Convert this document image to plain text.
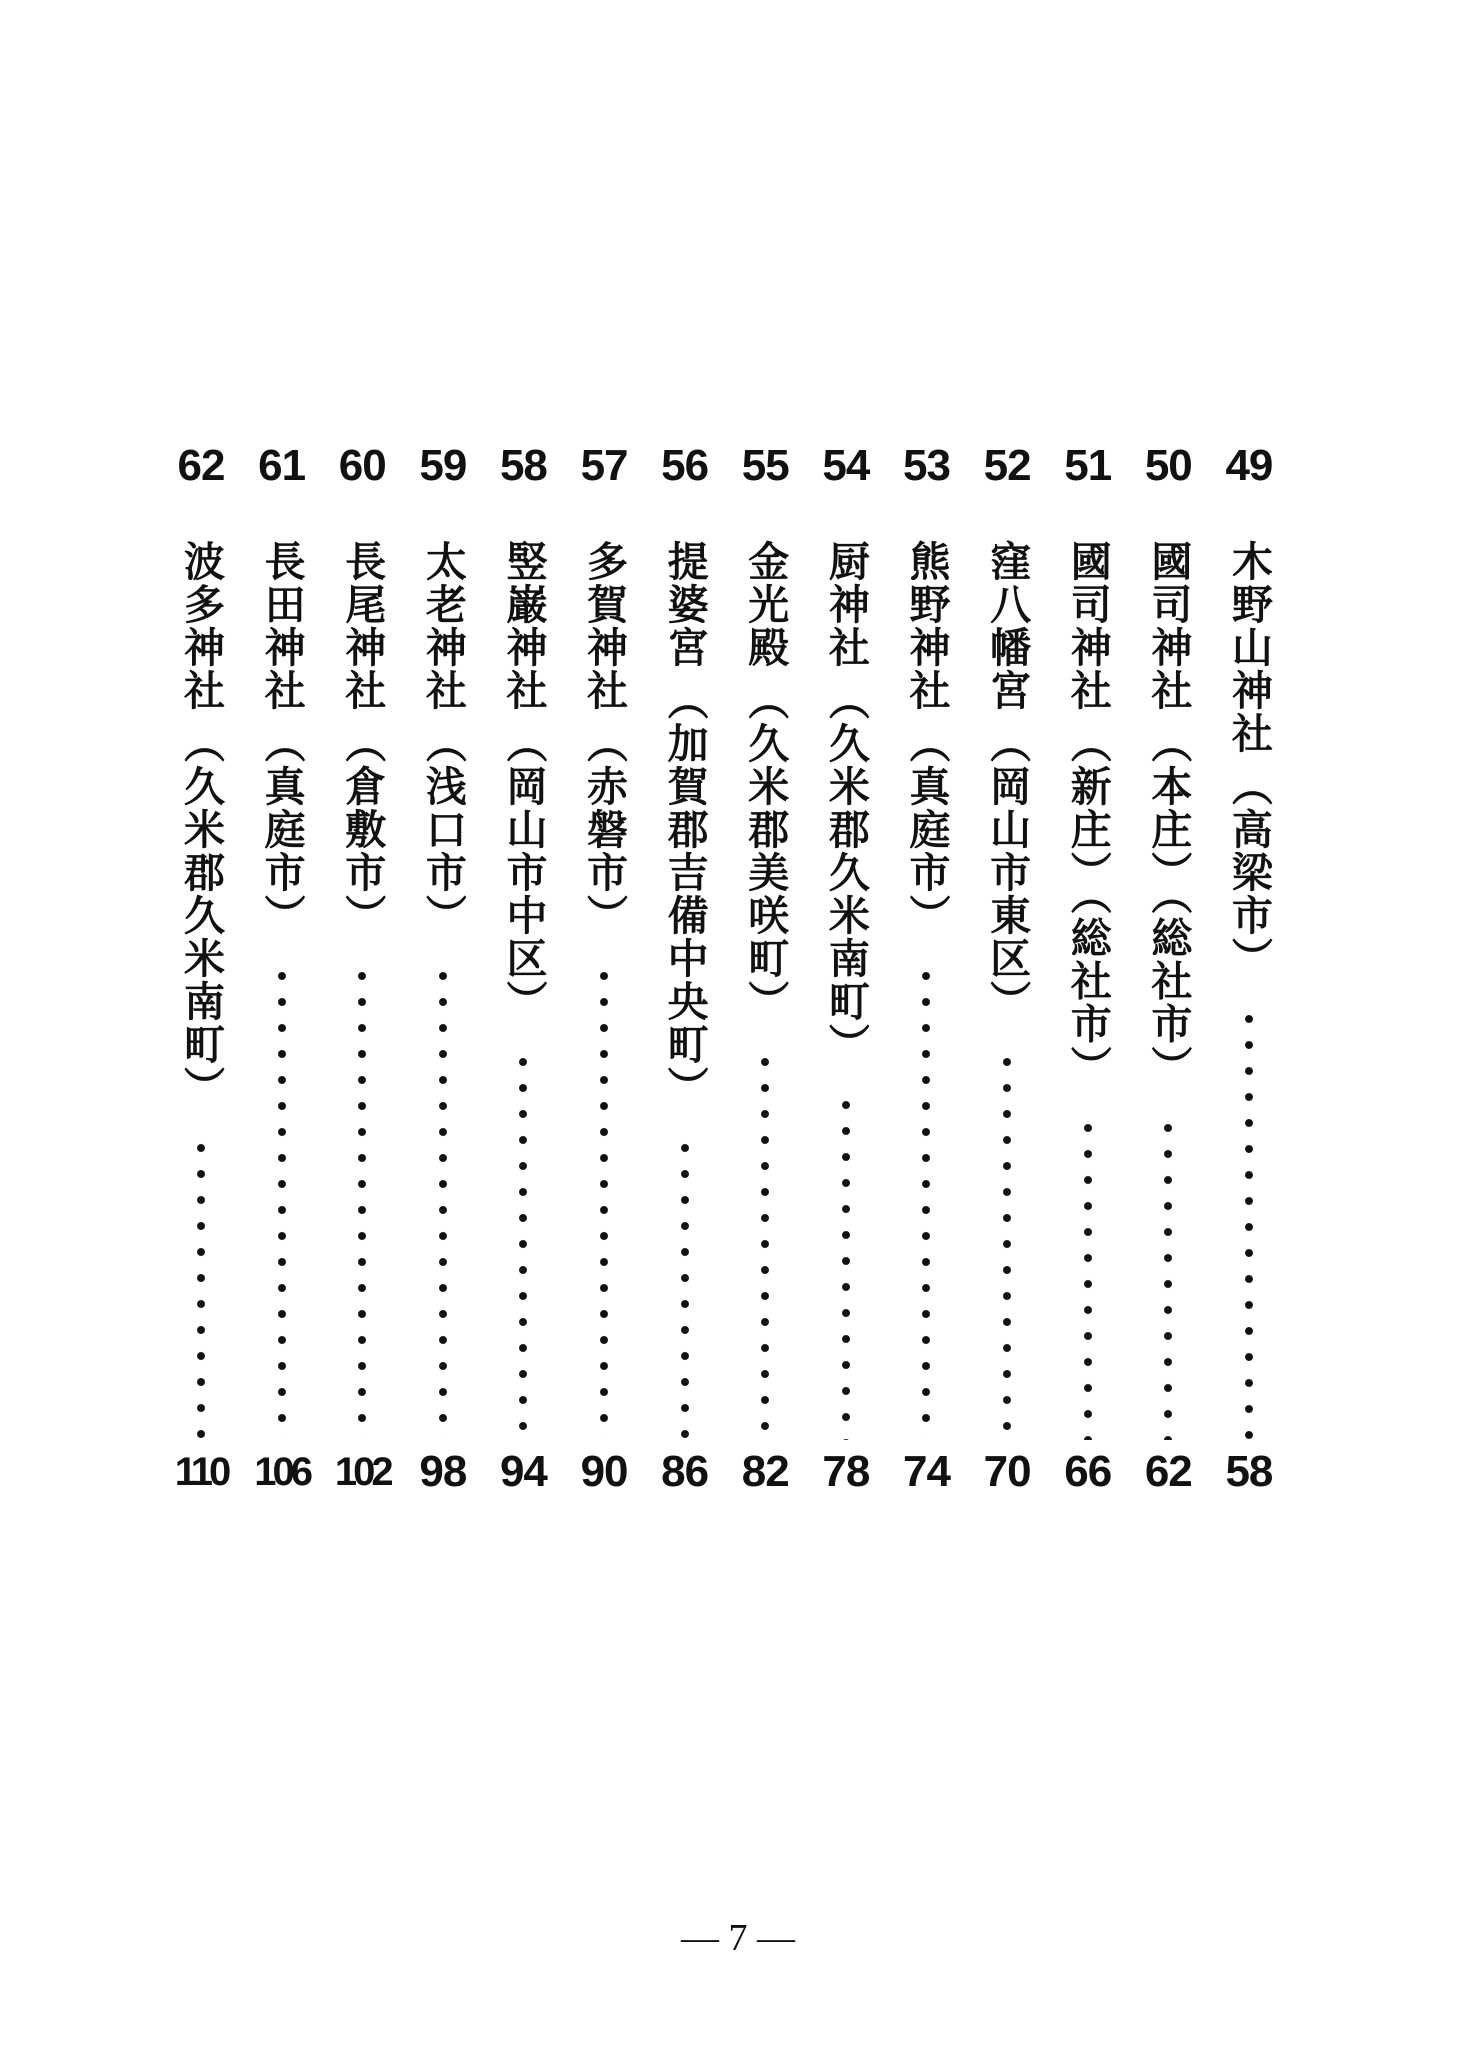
49
木野山神社
（高梁市）
58
50
國司神社
（本庄）（総社市）
62
51
國司神社
（新庄）（総社市）
66
52
窪八幡宮
（岡山市東区）
70
53
熊野神社
（真庭市）
74
54
厨神社
（久米郡久米南町）
78
55
金光殿
（久米郡美咲町）
82
56
提婆宮
（加賀郡吉備中央町）
86
57
多賀神社
（赤磐市）
90
58
竪巌神社
（岡山市中区）
94
59
太老神社
（浅口市）
98
60
長尾神社
（倉敷市）
102
61
長田神社
（真庭市）
106
62
波多神社
（久米郡久米南町）
110
― 7 ―
